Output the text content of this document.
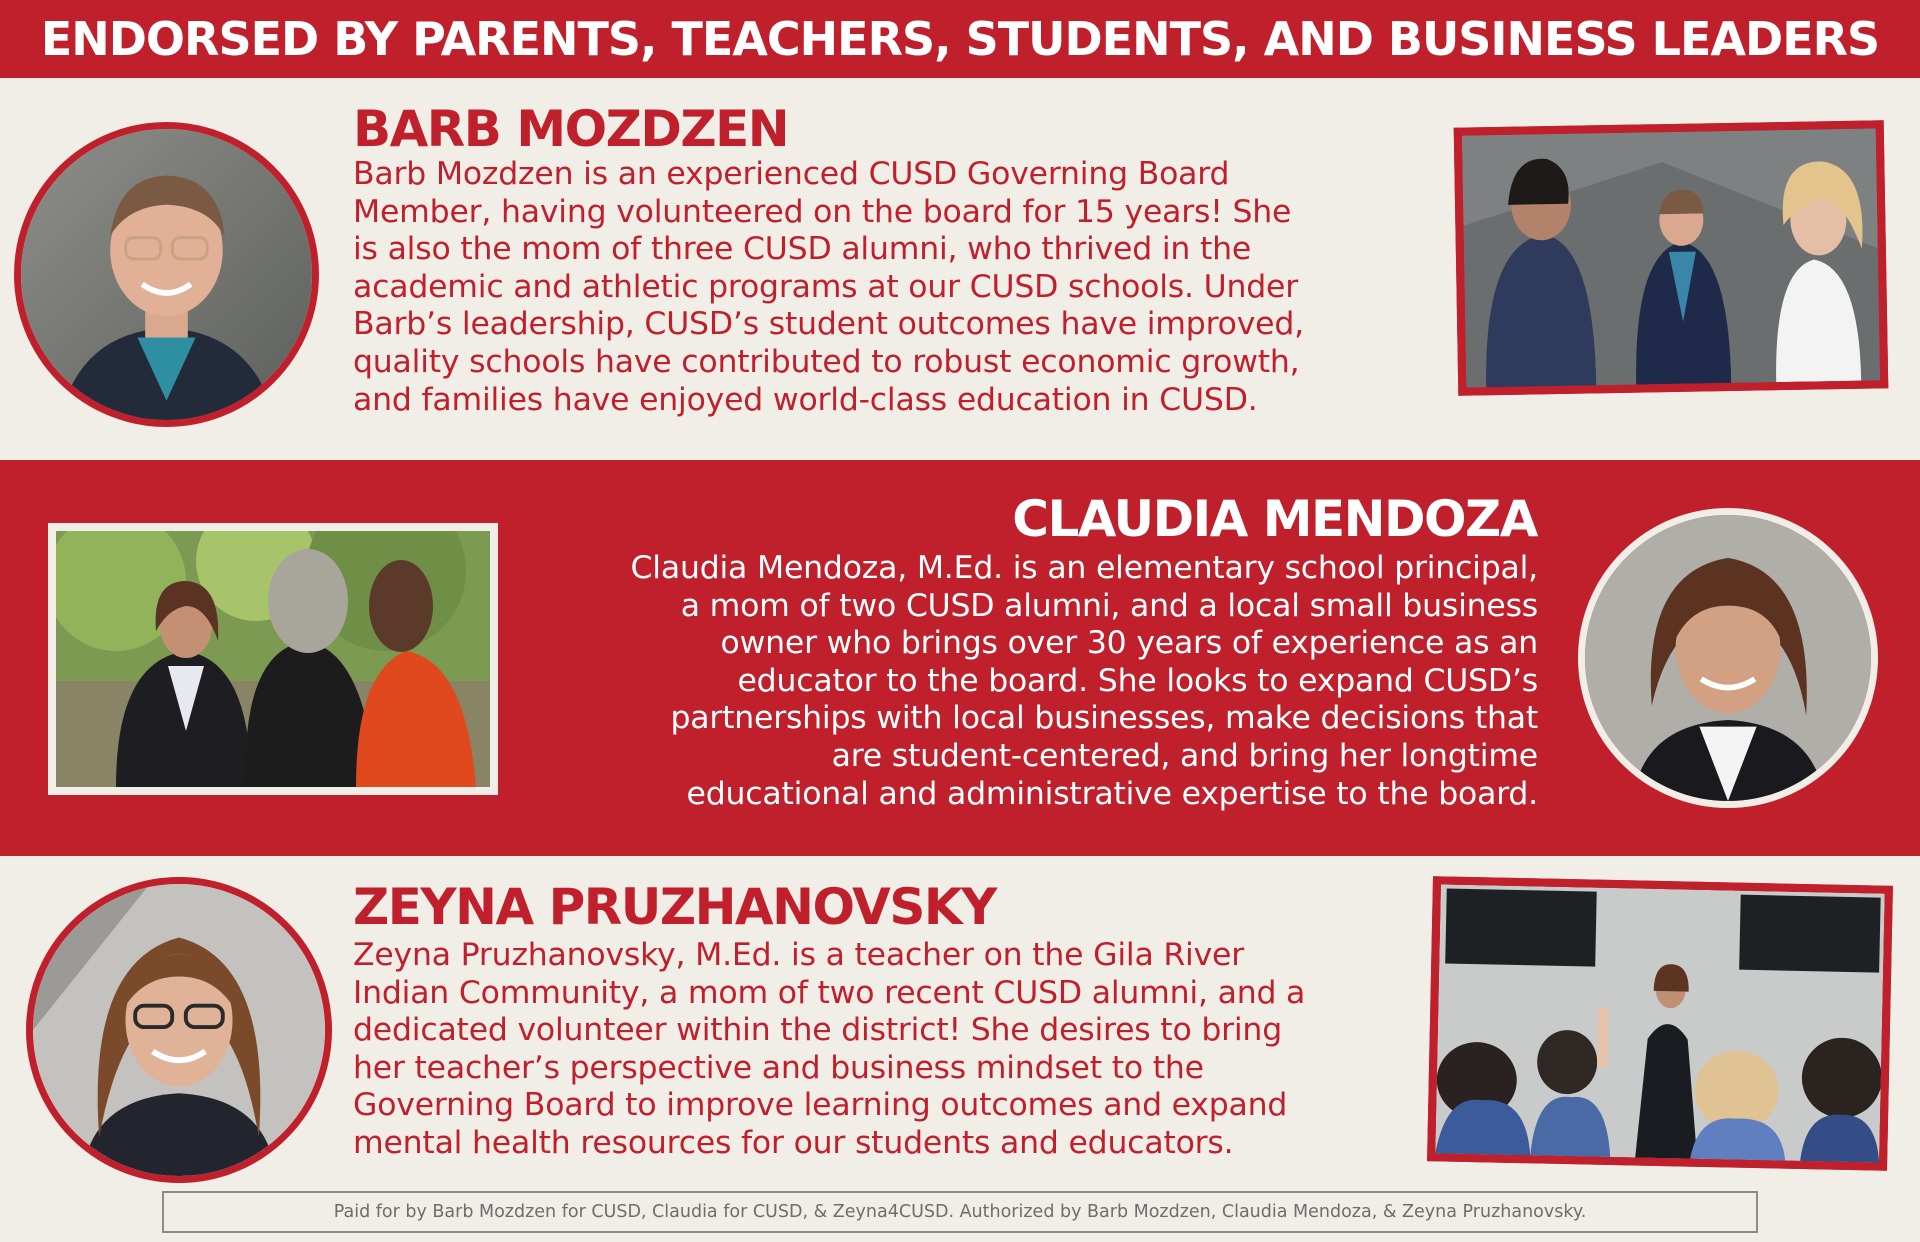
ENDORSED BY PARENTS, TEACHERS, STUDENTS, AND BUSINESS LEADERS
BARB MOZDZEN
Barb Mozdzen is an experienced CUSD Governing Board
Member, having volunteered on the board for 15 years! She
is also the mom of three CUSD alumni, who thrived in the
academic and athletic programs at our CUSD schools. Under
Barb’s leadership, CUSD’s student outcomes have improved,
quality schools have contributed to robust economic growth,
and families have enjoyed world-class education in CUSD.
CLAUDIA MENDOZA
Claudia Mendoza, M.Ed. is an elementary school principal,
a mom of two CUSD alumni, and a local small business
owner who brings over 30 years of experience as an
educator to the board. She looks to expand CUSD’s
partnerships with local businesses, make decisions that
are student-centered, and bring her longtime
educational and administrative expertise to the board.
ZEYNA PRUZHANOVSKY
Zeyna Pruzhanovsky, M.Ed. is a teacher on the Gila River
Indian Community, a mom of two recent CUSD alumni, and a
dedicated volunteer within the district! She desires to bring
her teacher’s perspective and business mindset to the
Governing Board to improve learning outcomes and expand
mental health resources for our students and educators.
Paid for by Barb Mozdzen for CUSD, Claudia for CUSD, & Zeyna4CUSD. Authorized by Barb Mozdzen, Claudia Mendoza, & Zeyna Pruzhanovsky.
